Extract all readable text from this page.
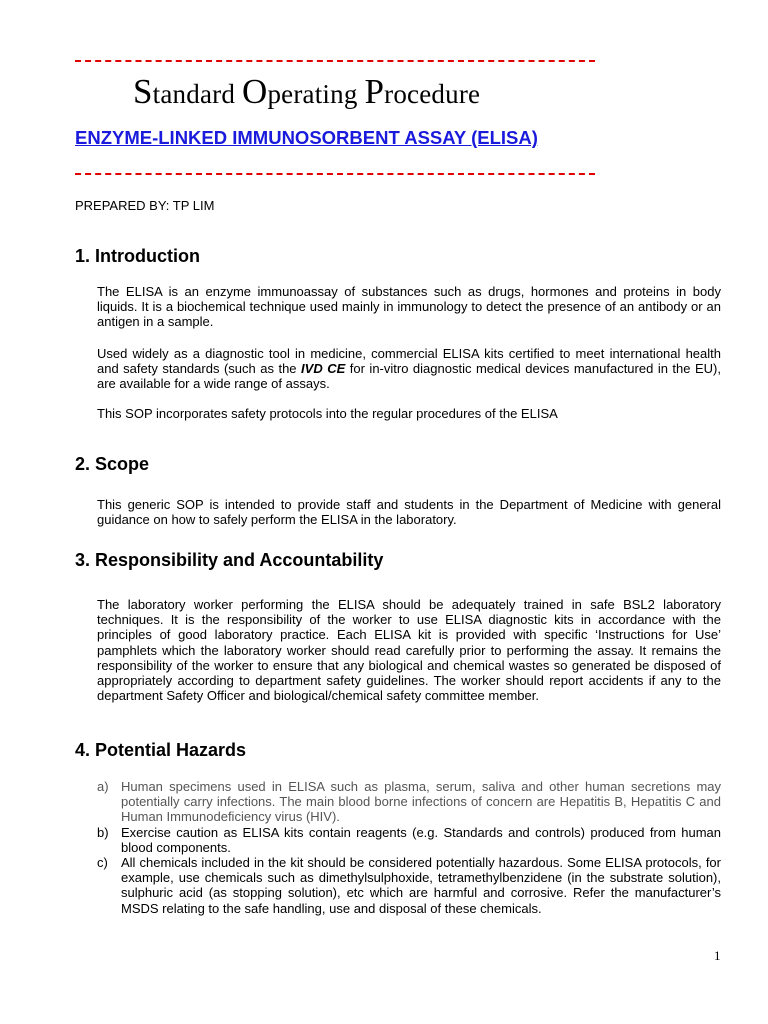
Standard Operating Procedure
ENZYME-LINKED IMMUNOSORBENT ASSAY (ELISA)
PREPARED BY: TP LIM
1. Introduction
The ELISA is an enzyme immunoassay of substances such as drugs, hormones and proteins in body liquids. It is a biochemical technique used mainly in immunology to detect the presence of an antibody or an antigen in a sample.
Used widely as a diagnostic tool in medicine, commercial ELISA kits certified to meet international health and safety standards (such as the IVD CE for in-vitro diagnostic medical devices manufactured in the EU), are available for a wide range of assays.
This SOP incorporates safety protocols into the regular procedures of the ELISA
2. Scope
This generic SOP is intended to provide staff and students in the Department of Medicine with general guidance on how to safely perform the ELISA in the laboratory.
3. Responsibility and Accountability
The laboratory worker performing the ELISA should be adequately trained in safe BSL2 laboratory techniques. It is the responsibility of the worker to use ELISA diagnostic kits in accordance with the principles of good laboratory practice. Each ELISA kit is provided with specific ‘Instructions for Use’ pamphlets which the laboratory worker should read carefully prior to performing the assay. It remains the responsibility of the worker to ensure that any biological and chemical wastes so generated be disposed of appropriately according to department safety guidelines. The worker should report accidents if any to the department Safety Officer and biological/chemical safety committee member.
4. Potential Hazards
a) Human specimens used in ELISA such as plasma, serum, saliva and other human secretions may potentially carry infections. The main blood borne infections of concern are Hepatitis B, Hepatitis C and Human Immunodeficiency virus (HIV).
b) Exercise caution as ELISA kits contain reagents (e.g. Standards and controls) produced from human blood components.
c) All chemicals included in the kit should be considered potentially hazardous. Some ELISA protocols, for example, use chemicals such as dimethylsulphoxide, tetramethylbenzidene (in the substrate solution), sulphuric acid (as stopping solution), etc which are harmful and corrosive. Refer the manufacturer’s MSDS relating to the safe handling, use and disposal of these chemicals.
1
